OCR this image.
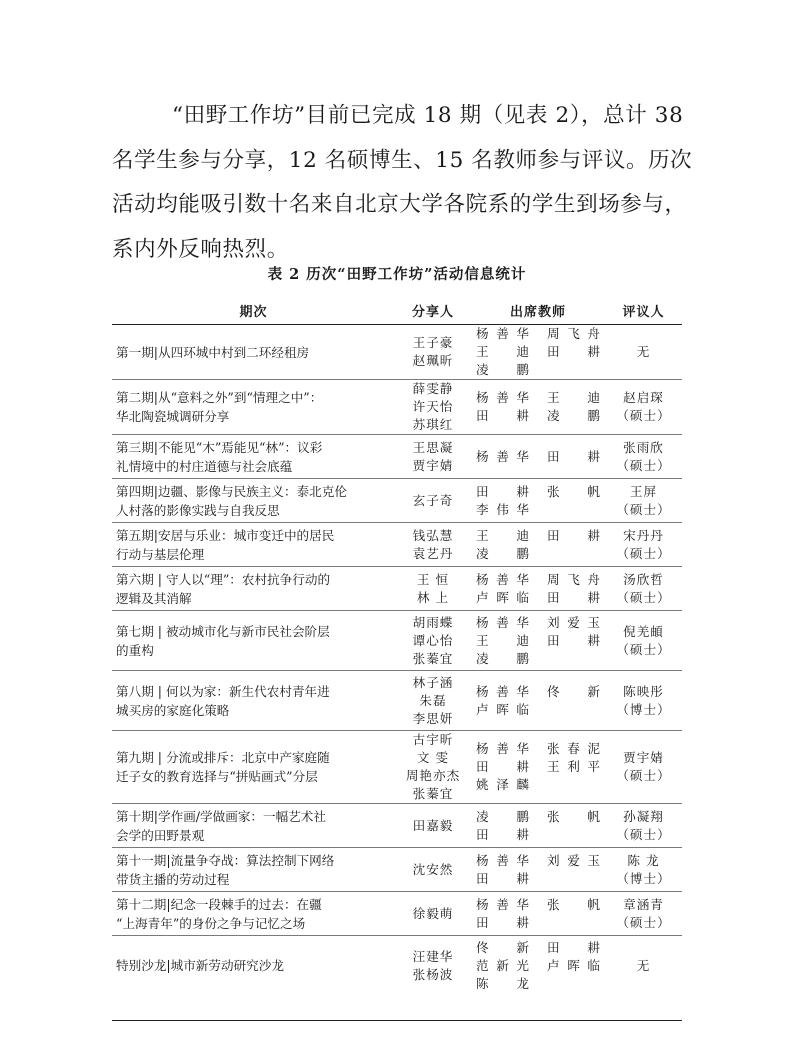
“田野工作坊”目前已完成 18 期（见表 2），总计 38
名学生参与分享，12 名硕博生、15 名教师参与评议。历次
活动均能吸引数十名来自北京大学各院系的学生到场参与，
系内外反响热烈。
表 2 历次“田野工作坊”活动信息统计
期次	分享人	出席教师	评议人

第一期|从四环城中村到二环经租房	王子豪
赵珮昕	杨善华 周飞舟
王 迪 田 耕
凌 鹏	无

第二期|从“意料之外”到“情理之中”：
华北陶瓷城调研分享	薛雯静
许天怡
苏琪红	杨善华 王 迪
田 耕 凌 鹏	赵启琛
（硕士）

第三期|不能见“木”焉能见“林”：议彩
礼情境中的村庄道德与社会底蕴	王思凝
贾宇婧	杨善华 田 耕	张雨欣
（硕士）

第四期|边疆、影像与民族主义：泰北克伦
人村落的影像实践与自我反思	玄子奇	田 耕 张 帆
李伟华	王屏
（硕士）

第五期|安居与乐业：城市变迁中的居民
行动与基层伦理	钱弘慧
袁艺丹	王 迪 田 耕
凌 鹏	宋丹丹
（硕士）

第六期 | 守人以“理”：农村抗争行动的
逻辑及其消解	王 恒
林 上	杨善华 周飞舟
卢晖临 田 耕	汤欣哲
（硕士）

第七期 | 被动城市化与新市民社会阶层
的重构	胡雨蝶
谭心怡
张蓁宜	杨善华 刘爱玉
王 迪 田 耕
凌 鹏	倪羌頔
（硕士）

第八期 | 何以为家：新生代农村青年进
城买房的家庭化策略	林子涵
朱磊
李思妍	杨善华 佟 新
卢晖临	陈映彤
（博士）

第九期 | 分流或排斥：北京中产家庭随
迁子女的教育选择与“拼贴画式”分层	古宇昕
文 雯
周艳亦杰
张蓁宜	杨善华 张春泥
田 耕 王利平
姚泽麟	贾宇婧
（硕士）

第十期|学作画/学做画家：一幅艺术社
会学的田野景观	田嘉毅	凌 鹏 张 帆
田 耕	孙凝翔
（硕士）

第十一期|流量争夺战：算法控制下网络
带货主播的劳动过程	沈安然	杨善华 刘爱玉
田 耕	陈 龙
（博士）

第十二期|纪念一段棘手的过去：在疆
“上海青年”的身份之争与记忆之场	徐毅萌	杨善华 张 帆
田 耕	章涵青
（硕士）

特别沙龙|城市新劳动研究沙龙	汪建华
张杨波	佟 新 田 耕
范新光 卢晖临
陈 龙	无
